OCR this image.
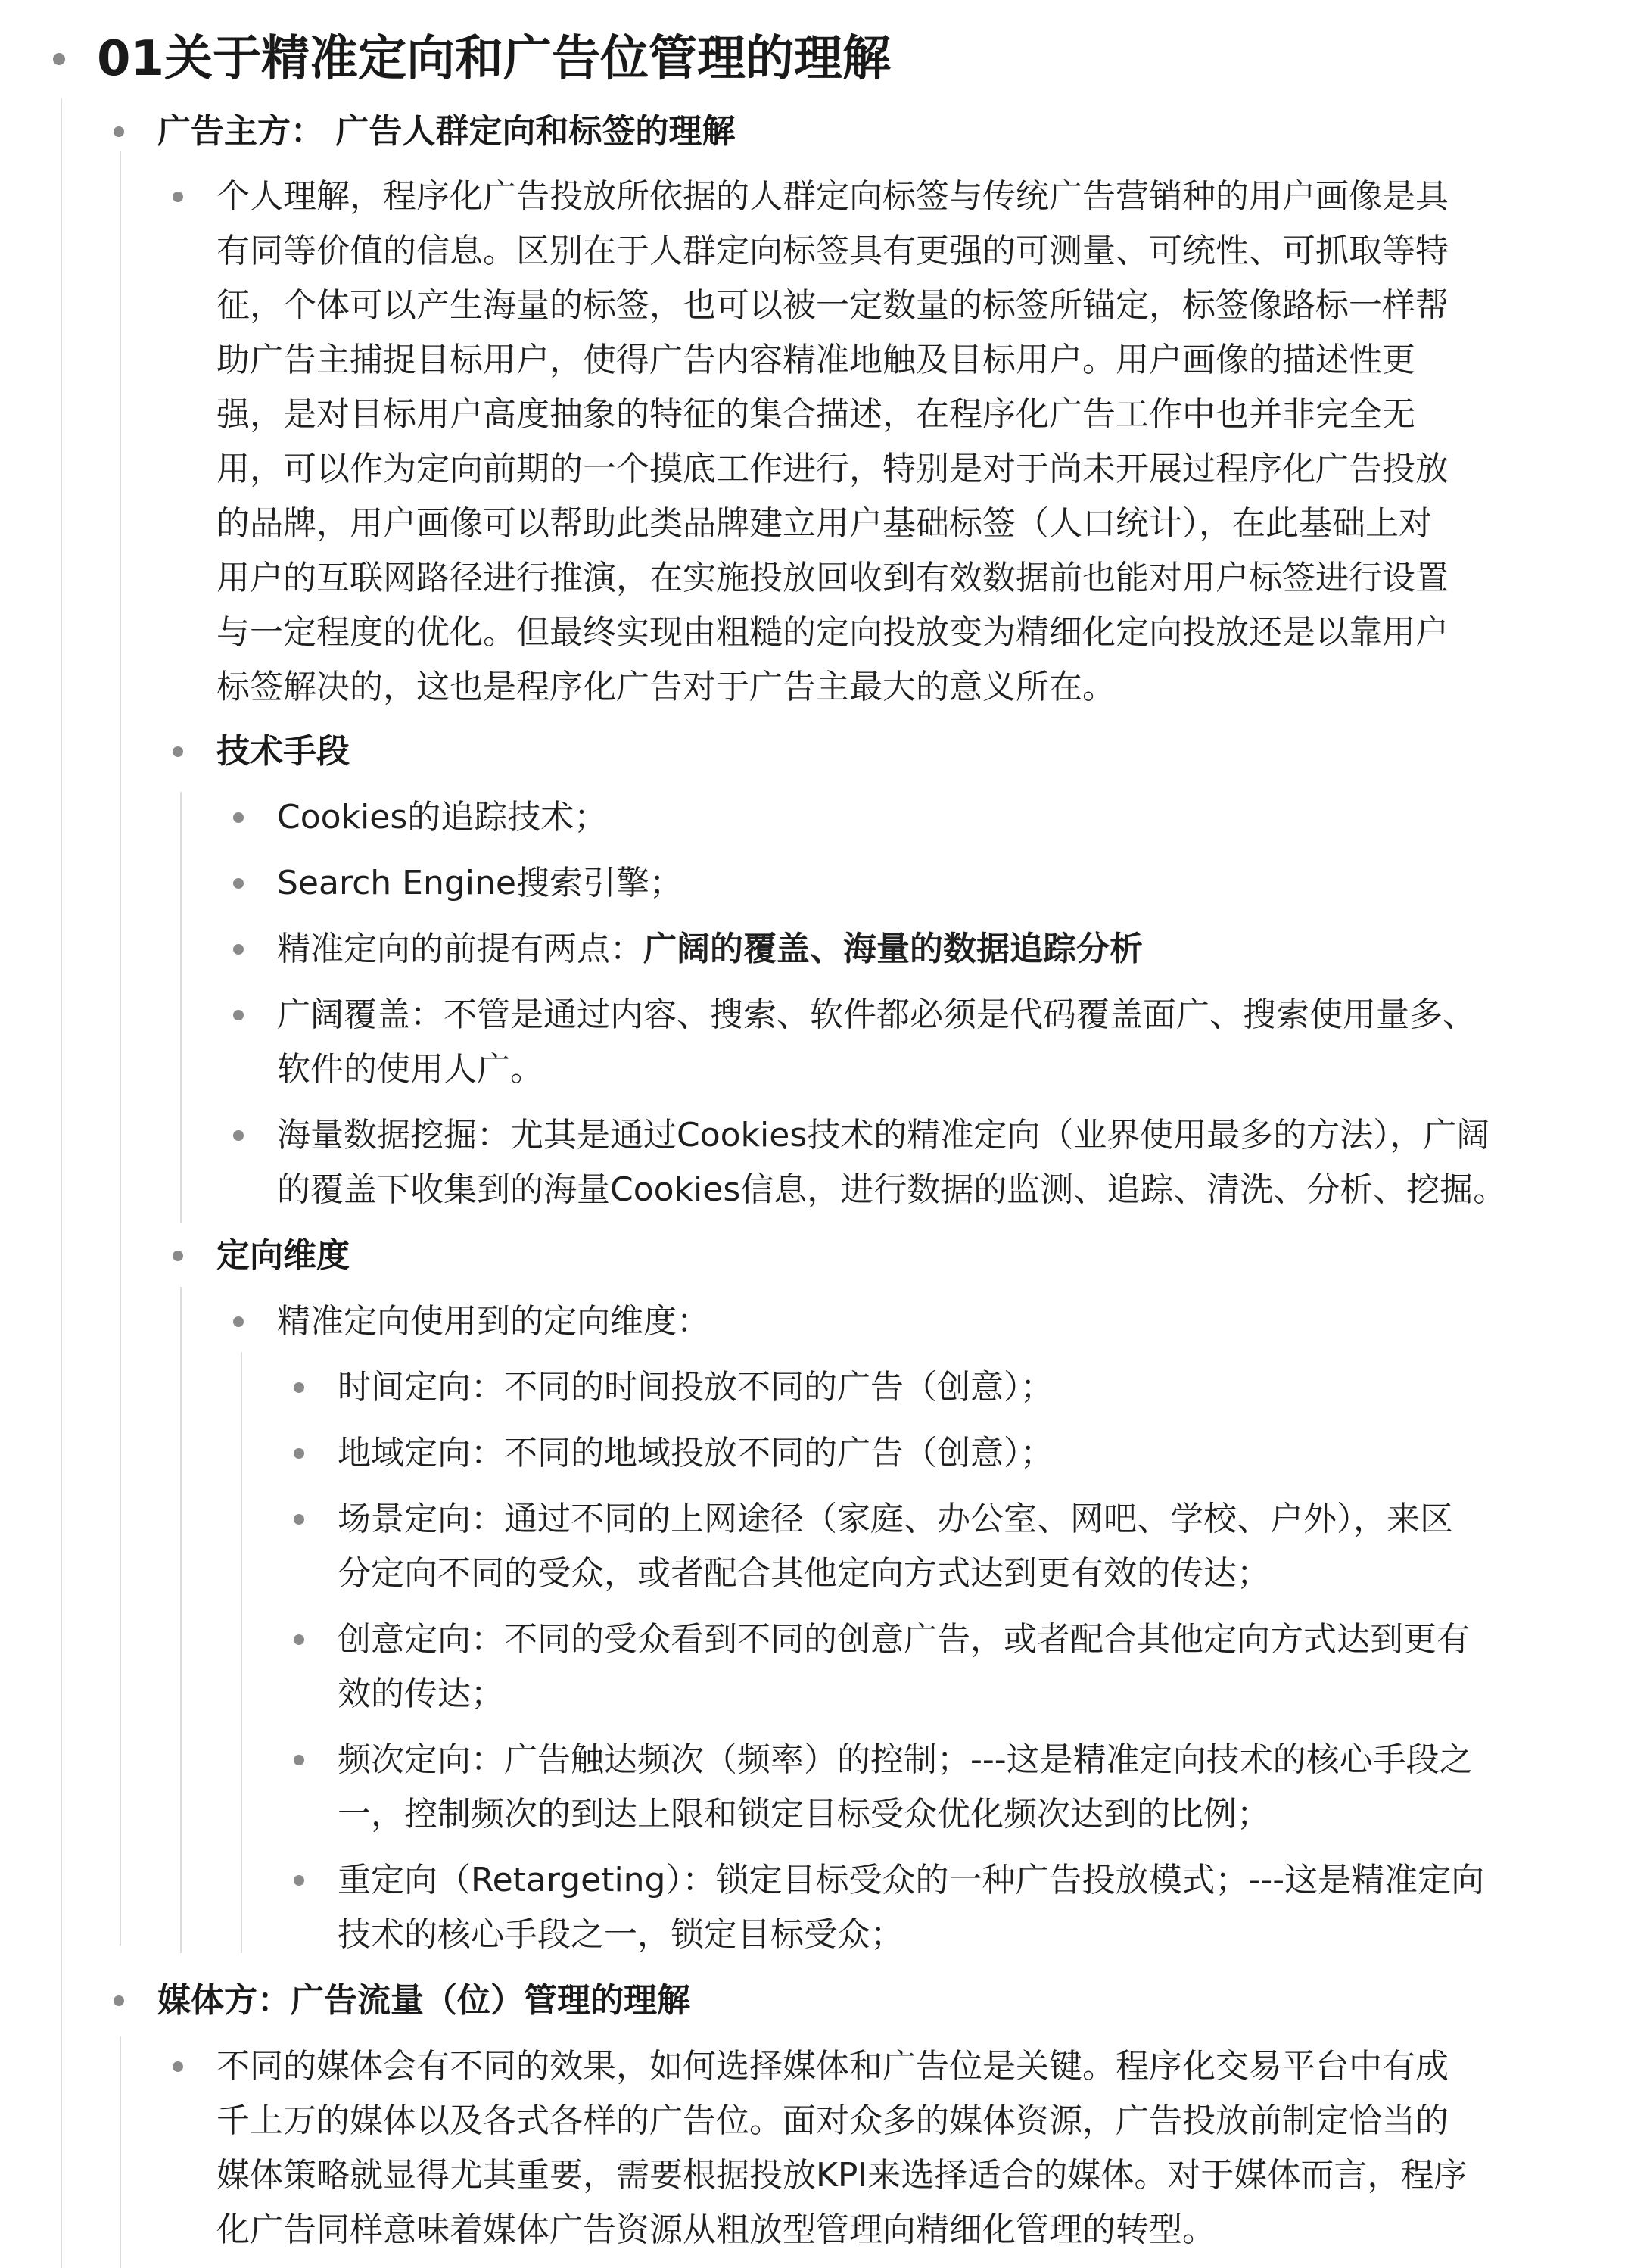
01关于精准定向和广告位管理的理解
广告主方： 广告人群定向和标签的理解
个人理解，程序化广告投放所依据的人群定向标签与传统广告营销种的用户画像是具
有同等价值的信息。区别在于人群定向标签具有更强的可测量、可统性、可抓取等特
征，个体可以产生海量的标签，也可以被一定数量的标签所锚定，标签像路标一样帮
助广告主捕捉目标用户，使得广告内容精准地触及目标用户。用户画像的描述性更
强，是对目标用户高度抽象的特征的集合描述，在程序化广告工作中也并非完全无
用，可以作为定向前期的一个摸底工作进行，特别是对于尚未开展过程序化广告投放
的品牌，用户画像可以帮助此类品牌建立用户基础标签（人口统计），在此基础上对
用户的互联网路径进行推演，在实施投放回收到有效数据前也能对用户标签进行设置
与一定程度的优化。但最终实现由粗糙的定向投放变为精细化定向投放还是以靠用户
标签解决的，这也是程序化广告对于广告主最大的意义所在。
技术手段
Cookies的追踪技术；
Search Engine搜索引擎；
精准定向的前提有两点：广阔的覆盖、海量的数据追踪分析
广阔覆盖：不管是通过内容、搜索、软件都必须是代码覆盖面广、搜索使用量多、
软件的使用人广。
海量数据挖掘：尤其是通过Cookies技术的精准定向（业界使用最多的方法），广阔
的覆盖下收集到的海量Cookies信息，进行数据的监测、追踪、清洗、分析、挖掘。
定向维度
精准定向使用到的定向维度：
时间定向：不同的时间投放不同的广告（创意）；
地域定向：不同的地域投放不同的广告（创意）；
场景定向：通过不同的上网途径（家庭、办公室、网吧、学校、户外），来区
分定向不同的受众，或者配合其他定向方式达到更有效的传达；
创意定向：不同的受众看到不同的创意广告，或者配合其他定向方式达到更有
效的传达；
频次定向：广告触达频次（频率）的控制；---这是精准定向技术的核心手段之
一，控制频次的到达上限和锁定目标受众优化频次达到的比例；
重定向（Retargeting）：锁定目标受众的一种广告投放模式；---这是精准定向
技术的核心手段之一，锁定目标受众；
媒体方：广告流量（位）管理的理解
不同的媒体会有不同的效果，如何选择媒体和广告位是关键。程序化交易平台中有成
千上万的媒体以及各式各样的广告位。面对众多的媒体资源，广告投放前制定恰当的
媒体策略就显得尤其重要，需要根据投放KPI来选择适合的媒体。对于媒体而言，程序
化广告同样意味着媒体广告资源从粗放型管理向精细化管理的转型。
